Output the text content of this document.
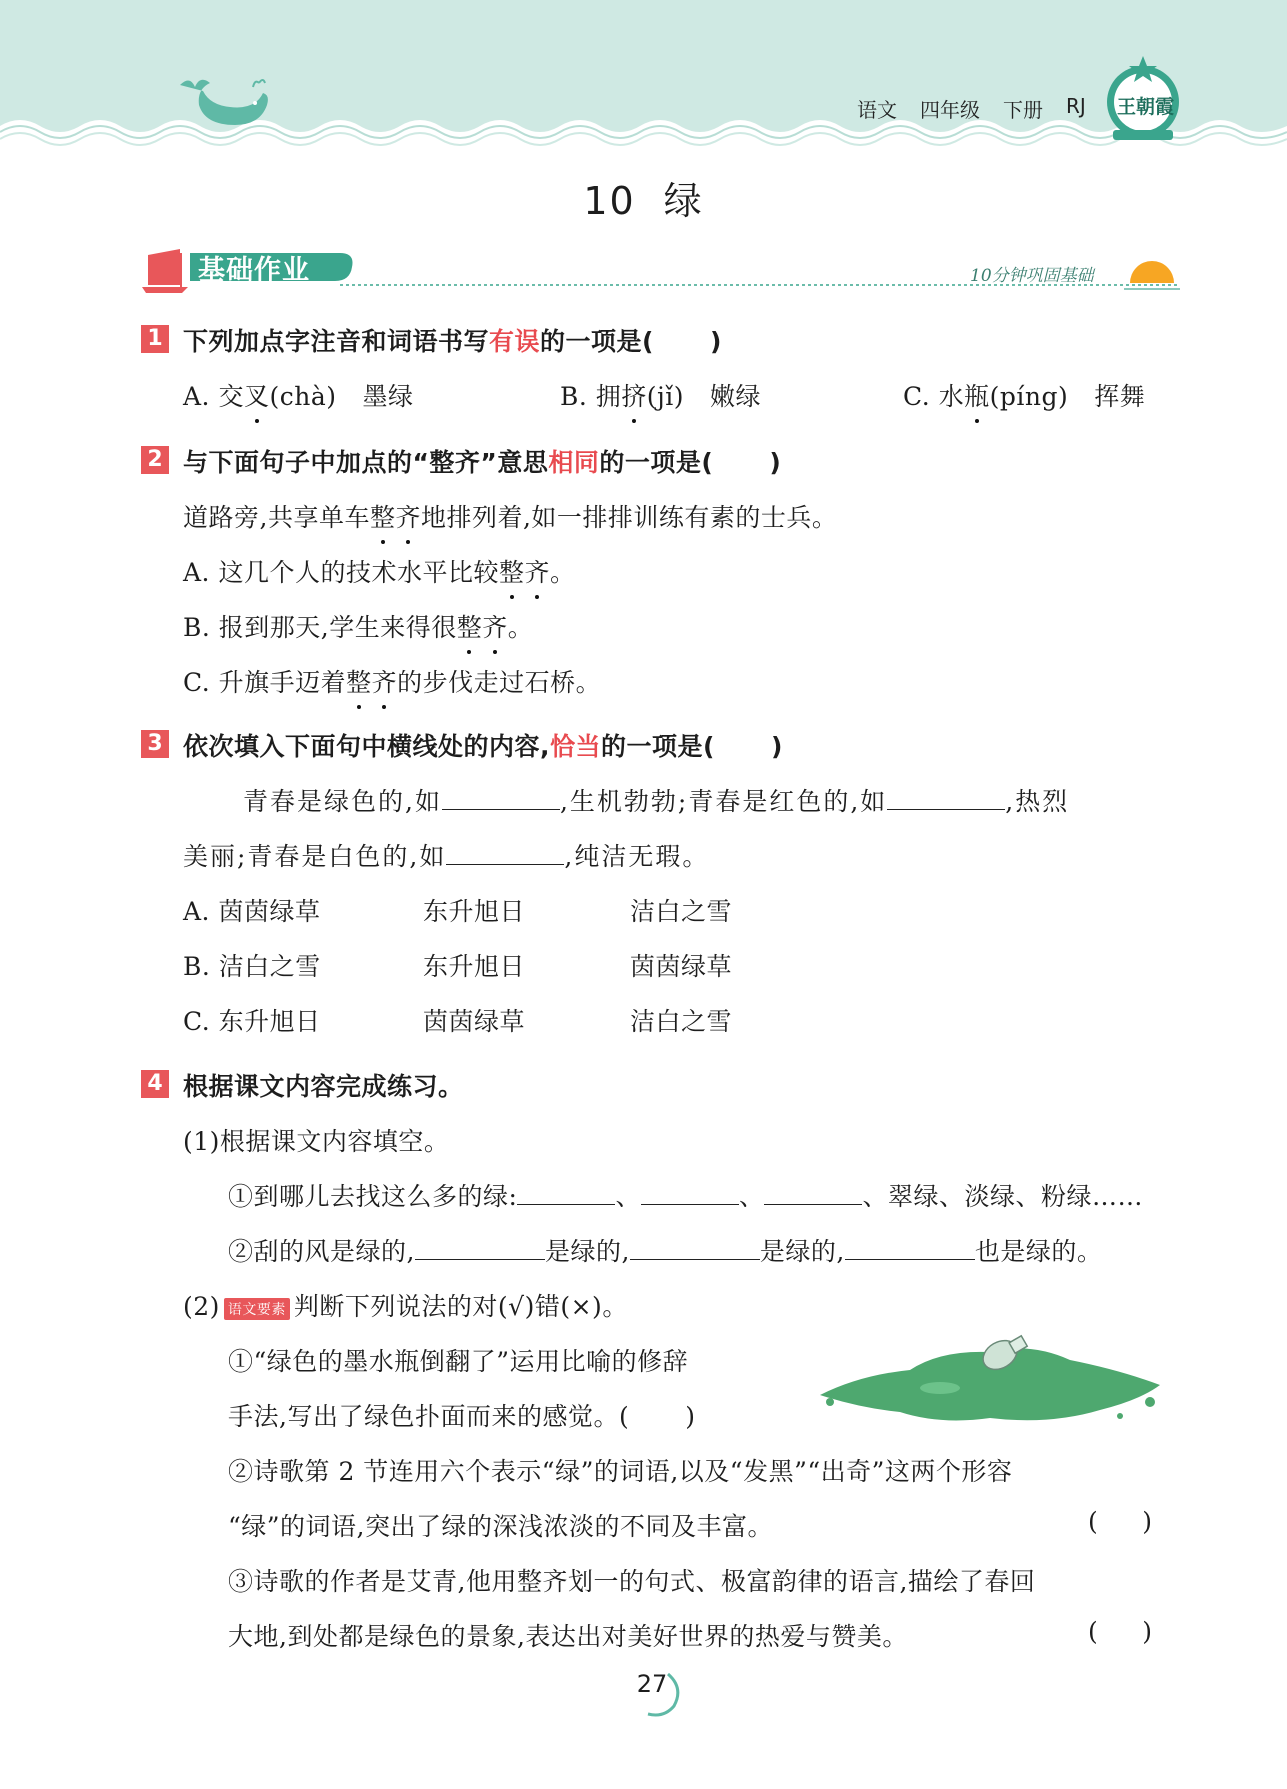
语文 四年级 下册 RJ 王朝霞
10 绿
基础作业	10分钟巩固基础
1 下列加点字注音和词语书写有误的一项是( )
A. 交叉(chà) 墨绿	B. 拥挤(jǐ) 嫩绿	C. 水瓶(píng) 挥舞
2 与下面句子中加点的“整齐”意思相同的一项是( )
道路旁,共享单车整齐地排列着,如一排排训练有素的士兵。
A. 这几个人的技术水平比较整齐。
B. 报到那天,学生来得很整齐。
C. 升旗手迈着整齐的步伐走过石桥。
3 依次填入下面句中横线处的内容,恰当的一项是( )
青春是绿色的,如	,生机勃勃;青春是红色的,如	,热烈
美丽;青春是白色的,如	,纯洁无瑕。
A. 茵茵绿草	东升旭日	洁白之雪
B. 洁白之雪	东升旭日	茵茵绿草
C. 东升旭日	茵茵绿草	洁白之雪
4 根据课文内容完成练习。
(1)根据课文内容填空。
①到哪儿去找这么多的绿:	、	、	、翠绿、淡绿、粉绿……
②刮的风是绿的,	是绿的,	是绿的,	也是绿的。
(2) 语文要素 判断下列说法的对(√)错(×)。
①“绿色的墨水瓶倒翻了”运用比喻的修辞
手法,写出了绿色扑面而来的感觉。( )
②诗歌第 2 节连用六个表示“绿”的词语,以及“发黑”“出奇”这两个形容
“绿”的词语,突出了绿的深浅浓淡的不同及丰富。	( )
③诗歌的作者是艾青,他用整齐划一的句式、极富韵律的语言,描绘了春回
大地,到处都是绿色的景象,表达出对美好世界的热爱与赞美。	( )
27
